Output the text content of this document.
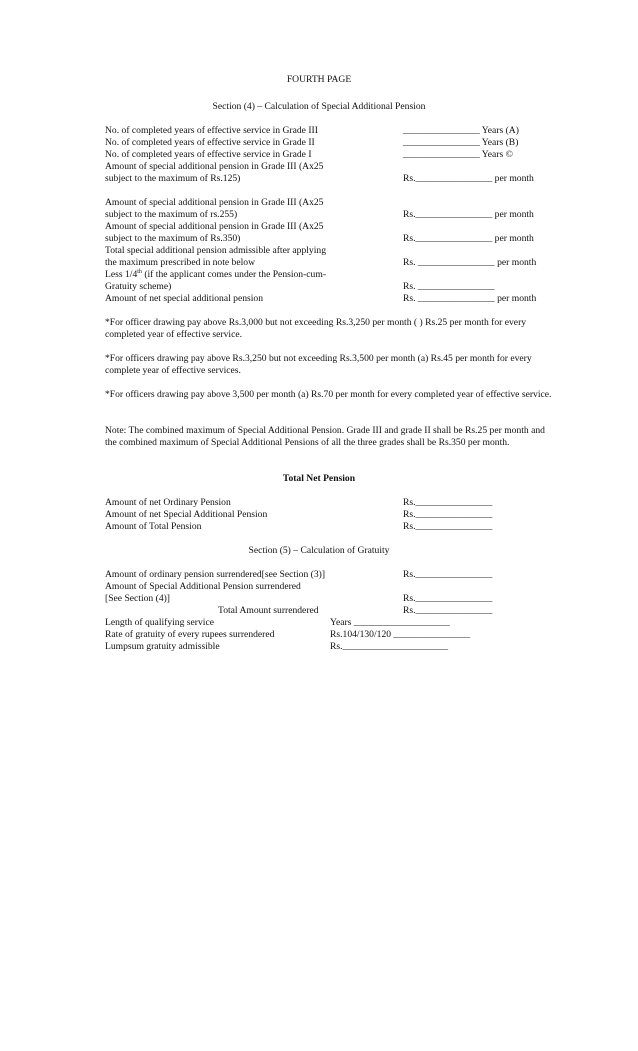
FOURTH PAGE
Section (4) – Calculation of Special Additional Pension
No. of completed years of effective service in Grade III	________________ Years (A)
No. of completed years of effective service in Grade II	________________ Years (B)
No. of completed years of effective service in Grade I	________________ Years ©
Amount of special additional pension in Grade III (Ax25
subject to the maximum of Rs.125)	Rs.________________ per month
Amount of special additional pension in Grade III (Ax25
subject to the maximum of rs.255)	Rs.________________ per month
Amount of special additional pension in Grade III (Ax25
subject to the maximum of Rs.350)	Rs.________________ per month
Total special additional pension admissible after applying
the maximum prescribed in note below	Rs. ________________ per month
Less 1/4th (if the applicant comes under the Pension-cum-
Gratuity scheme)	Rs. ________________
Amount of net special additional pension	Rs. ________________ per month
*For officer drawing pay above Rs.3,000 but not exceeding Rs.3,250 per month ( ) Rs.25 per month for every completed year of effective service.
*For officers drawing pay above Rs.3,250 but not exceeding Rs.3,500 per month (a) Rs.45 per month for every complete year of effective services.
*For officers drawing pay above 3,500 per month (a) Rs.70 per month for every completed year of effective service.
Note: The combined maximum of Special Additional Pension. Grade III and grade II shall be Rs.25 per month and the combined maximum of Special Additional Pensions of all the three grades shall be Rs.350 per month.
Total Net Pension
Amount of net Ordinary Pension	Rs.________________
Amount of net Special Additional Pension	Rs.________________
Amount of Total Pension	Rs.________________
Section (5) – Calculation of Gratuity
Amount of ordinary pension surrendered[see Section (3)]	Rs.________________
Amount of Special Additional Pension surrendered
[See Section (4)]	Rs.________________
Total Amount surrendered	Rs.________________
Length of qualifying service	Years ____________________
Rate of gratuity of every rupees surrendered	Rs.104/130/120 ________________
Lumpsum gratuity admissible	Rs.______________________
